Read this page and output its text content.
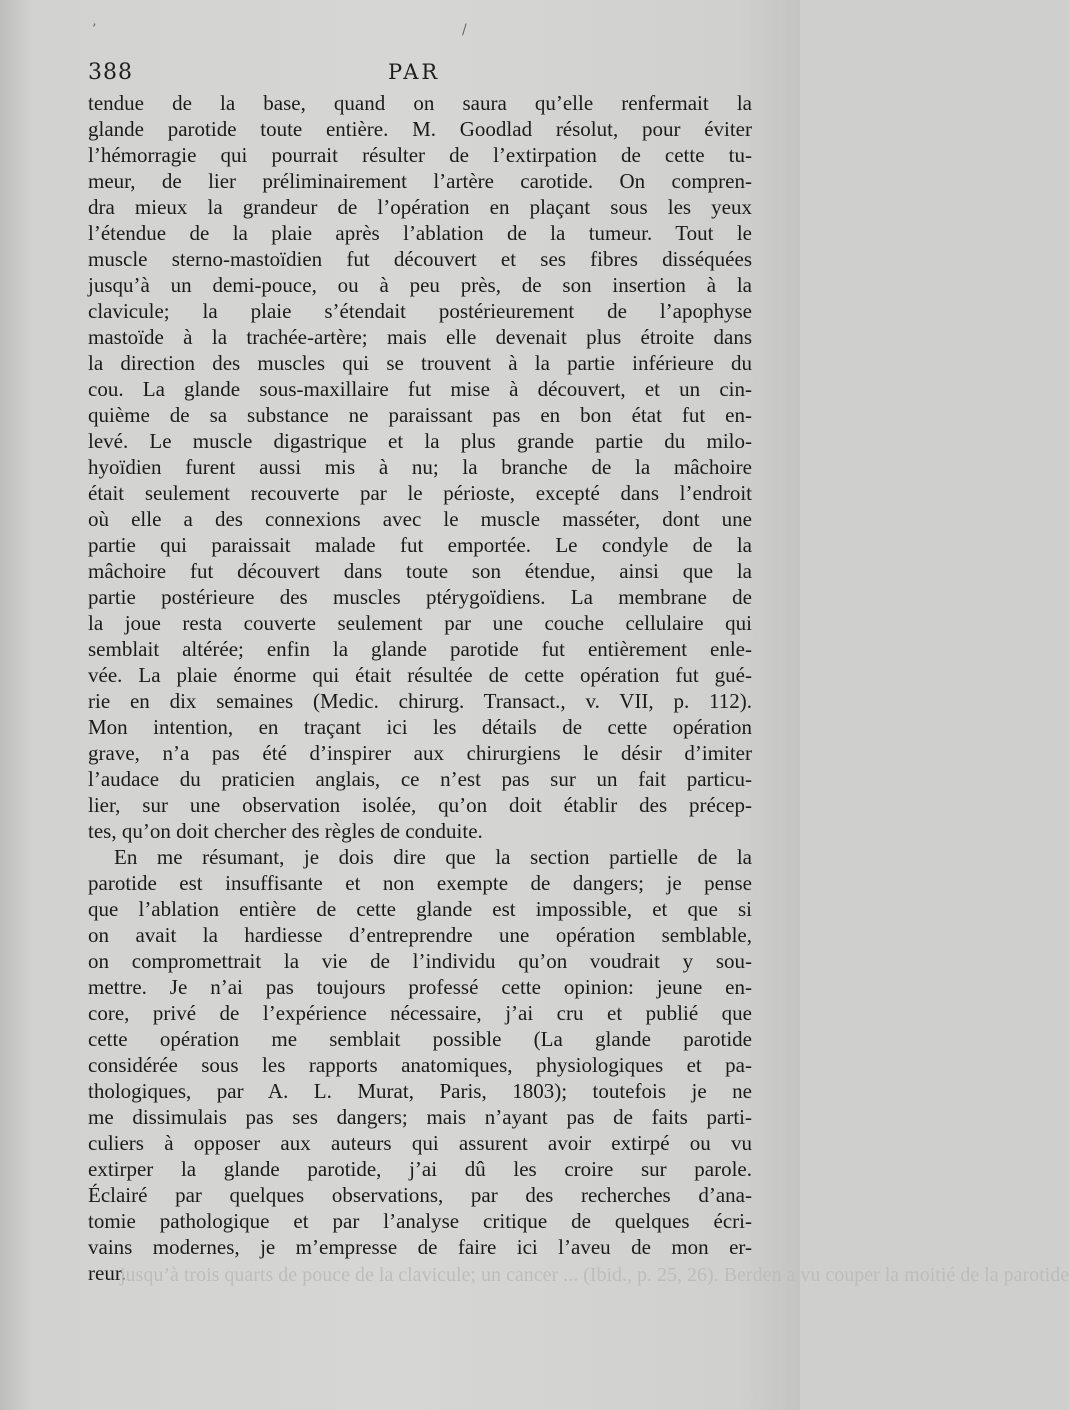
388	PAR
tendue de la base, quand on saura qu’elle renfermait la
glande parotide toute entière. M. Goodlad résolut, pour éviter
l’hémorragie qui pourrait résulter de l’extirpation de cette tu-
meur, de lier préliminairement l’artère carotide. On compren-
dra mieux la grandeur de l’opération en plaçant sous les yeux
l’étendue de la plaie après l’ablation de la tumeur. Tout le
muscle sterno-mastoïdien fut découvert et ses fibres disséquées
jusqu’à un demi-pouce, ou à peu près, de son insertion à la
clavicule; la plaie s’étendait postérieurement de l’apophyse
mastoïde à la trachée-artère; mais elle devenait plus étroite dans
la direction des muscles qui se trouvent à la partie inférieure du
cou. La glande sous-maxillaire fut mise à découvert, et un cin-
quième de sa substance ne paraissant pas en bon état fut en-
levé. Le muscle digastrique et la plus grande partie du milo-
hyoïdien furent aussi mis à nu; la branche de la mâchoire
était seulement recouverte par le périoste, excepté dans l’endroit
où elle a des connexions avec le muscle masséter, dont une
partie qui paraissait malade fut emportée. Le condyle de la
mâchoire fut découvert dans toute son étendue, ainsi que la
partie postérieure des muscles ptérygoïdiens. La membrane de
la joue resta couverte seulement par une couche cellulaire qui
semblait altérée; enfin la glande parotide fut entièrement enle-
vée. La plaie énorme qui était résultée de cette opération fut gué-
rie en dix semaines (Medic. chirurg. Transact., v. VII, p. 112).
Mon intention, en traçant ici les détails de cette opération
grave, n’a pas été d’inspirer aux chirurgiens le désir d’imiter
l’audace du praticien anglais, ce n’est pas sur un fait particu-
lier, sur une observation isolée, qu’on doit établir des précep-
tes, qu’on doit chercher des règles de conduite.
En me résumant, je dois dire que la section partielle de la
parotide est insuffisante et non exempte de dangers; je pense
que l’ablation entière de cette glande est impossible, et que si
on avait la hardiesse d’entreprendre une opération semblable,
on compromettrait la vie de l’individu qu’on voudrait y sou-
mettre. Je n’ai pas toujours professé cette opinion: jeune en-
core, privé de l’expérience nécessaire, j’ai cru et publié que
cette opération me semblait possible (La glande parotide
considérée sous les rapports anatomiques, physiologiques et pa-
thologiques, par A. L. Murat, Paris, 1803); toutefois je ne
me dissimulais pas ses dangers; mais n’ayant pas de faits parti-
culiers à opposer aux auteurs qui assurent avoir extirpé ou vu
extirper la glande parotide, j’ai dû les croire sur parole.
Éclairé par quelques observations, par des recherches d’ana-
tomie pathologique et par l’analyse critique de quelques écri-
vains modernes, je m’empresse de faire ici l’aveu de mon er-
reur.
jusqu’à trois quarts de pouce de la clavicule; un cancer ... (Ibid., p. 25, 26). Berden a vu couper la moitié de la parotide
’	/
